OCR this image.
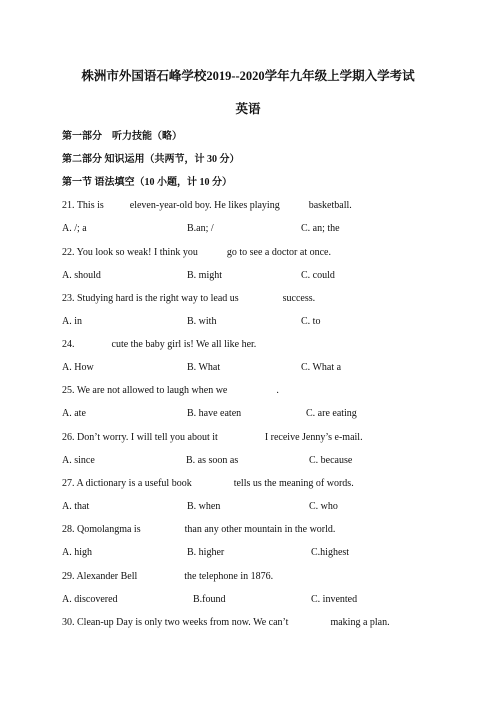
株洲市外国语石峰学校2019--2020学年九年级上学期入学考试
英语
第一部分　听力技能（略）
第二部分 知识运用（共两节，计 30 分）
第一节 语法填空（10 小题，计 10 分）
21. This is	eleven-year-old boy. He likes playing	basketball.
A. /; a	B.an; /	C. an; the
22. You look so weak! I think you	go to see a doctor at once.
A. should	B. might	C. could
23. Studying hard is the right way to lead us	success.
A. in	B. with	C. to
24.	cute the baby girl is! We all like her.
A. How	B. What	C. What a
25. We are not allowed to laugh when we	.
A. ate	B. have eaten	C. are eating
26. Don’t worry. I will tell you about it	I receive Jenny’s e-mail.
A. since	B. as soon as	C. because
27. A dictionary is a useful book	tells us the meaning of words.
A. that	B. when	C. who
28. Qomolangma is	than any other mountain in the world.
A. high	B. higher	C.highest
29. Alexander Bell	the telephone in 1876.
A. discovered	B.found	C. invented
30. Clean-up Day is only two weeks from now. We can’t	making a plan.
